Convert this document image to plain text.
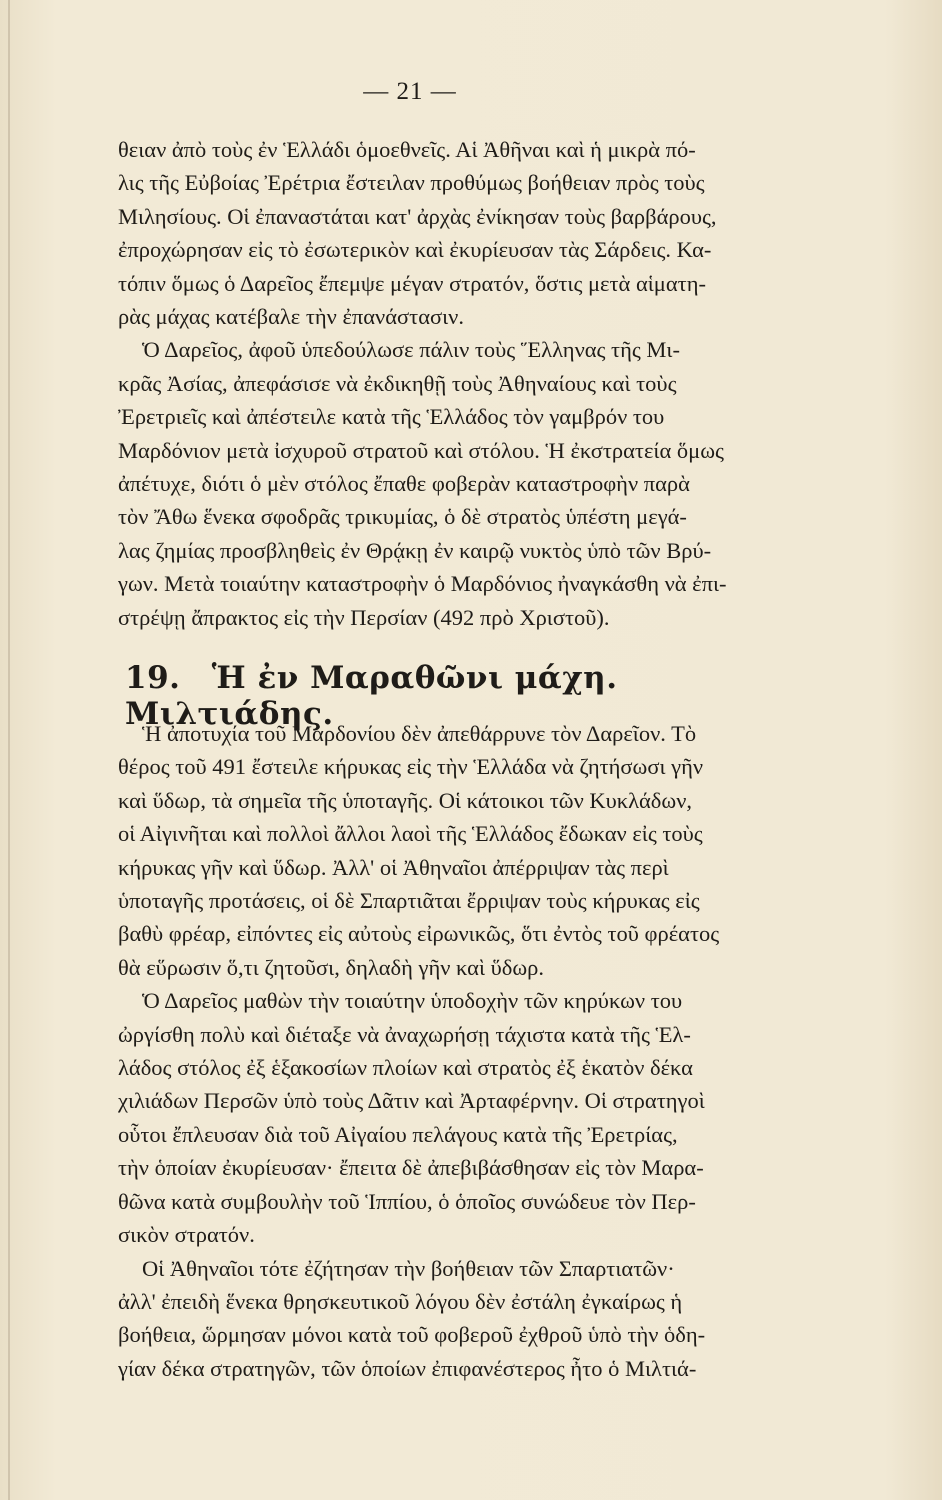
— 21 —
θειαν ἀπὸ τοὺς ἐν Ἑλλάδι ὁμοεθνεῖς. Αἱ Ἀθῆναι καὶ ἡ μικρὰ πό-
λις τῆς Εὐβοίας Ἐρέτρια ἔστειλαν προθύμως βοήθειαν πρὸς τοὺς
Μιλησίους. Οἱ ἐπαναστάται κατ' ἀρχὰς ἐνίκησαν τοὺς βαρβάρους,
ἐπροχώρησαν εἰς τὸ ἐσωτερικὸν καὶ ἐκυρίευσαν τὰς Σάρδεις. Κα-
τόπιν ὅμως ὁ Δαρεῖος ἔπεμψε μέγαν στρατόν, ὅστις μετὰ αἱματη-
ρὰς μάχας κατέβαλε τὴν ἐπανάστασιν.
Ὁ Δαρεῖος, ἀφοῦ ὑπεδούλωσε πάλιν τοὺς Ἕλληνας τῆς Μι-
κρᾶς Ἀσίας, ἀπεφάσισε νὰ ἐκδικηθῇ τοὺς Ἀθηναίους καὶ τοὺς
Ἐρετριεῖς καὶ ἀπέστειλε κατὰ τῆς Ἑλλάδος τὸν γαμβρόν του
Μαρδόνιον μετὰ ἰσχυροῦ στρατοῦ καὶ στόλου. Ἡ ἐκστρατεία ὅμως
ἀπέτυχε, διότι ὁ μὲν στόλος ἔπαθε φοβερὰν καταστροφὴν παρὰ
τὸν Ἄθω ἕνεκα σφοδρᾶς τρικυμίας, ὁ δὲ στρατὸς ὑπέστη μεγά-
λας ζημίας προσβληθεὶς ἐν Θρᾴκῃ ἐν καιρῷ νυκτὸς ὑπὸ τῶν Βρύ-
γων. Μετὰ τοιαύτην καταστροφὴν ὁ Μαρδόνιος ἠναγκάσθη νὰ ἐπι-
στρέψῃ ἄπρακτος εἰς τὴν Περσίαν (492 πρὸ Χριστοῦ).
19. Ἡ ἐν Μαραθῶνι μάχη. Μιλτιάδης.
Ἡ ἀποτυχία τοῦ Μαρδονίου δὲν ἀπεθάρρυνε τὸν Δαρεῖον. Τὸ
θέρος τοῦ 491 ἔστειλε κήρυκας εἰς τὴν Ἑλλάδα νὰ ζητήσωσι γῆν
καὶ ὕδωρ, τὰ σημεῖα τῆς ὑποταγῆς. Οἱ κάτοικοι τῶν Κυκλάδων,
οἱ Αἰγινῆται καὶ πολλοὶ ἄλλοι λαοὶ τῆς Ἑλλάδος ἔδωκαν εἰς τοὺς
κήρυκας γῆν καὶ ὕδωρ. Ἀλλ' οἱ Ἀθηναῖοι ἀπέρριψαν τὰς περὶ
ὑποταγῆς προτάσεις, οἱ δὲ Σπαρτιᾶται ἔρριψαν τοὺς κήρυκας εἰς
βαθὺ φρέαρ, εἰπόντες εἰς αὐτοὺς εἰρωνικῶς, ὅτι ἐντὸς τοῦ φρέατος
θὰ εὕρωσιν ὅ,τι ζητοῦσι, δηλαδὴ γῆν καὶ ὕδωρ.
Ὁ Δαρεῖος μαθὼν τὴν τοιαύτην ὑποδοχὴν τῶν κηρύκων του
ὠργίσθη πολὺ καὶ διέταξε νὰ ἀναχωρήσῃ τάχιστα κατὰ τῆς Ἑλ-
λάδος στόλος ἐξ ἑξακοσίων πλοίων καὶ στρατὸς ἐξ ἑκατὸν δέκα
χιλιάδων Περσῶν ὑπὸ τοὺς Δᾶτιν καὶ Ἀρταφέρνην. Οἱ στρατηγοὶ
οὗτοι ἔπλευσαν διὰ τοῦ Αἰγαίου πελάγους κατὰ τῆς Ἐρετρίας,
τὴν ὁποίαν ἐκυρίευσαν· ἔπειτα δὲ ἀπεβιβάσθησαν εἰς τὸν Μαρα-
θῶνα κατὰ συμβουλὴν τοῦ Ἱππίου, ὁ ὁποῖος συνώδευε τὸν Περ-
σικὸν στρατόν.
Οἱ Ἀθηναῖοι τότε ἐζήτησαν τὴν βοήθειαν τῶν Σπαρτιατῶν·
ἀλλ' ἐπειδὴ ἕνεκα θρησκευτικοῦ λόγου δὲν ἐστάλη ἐγκαίρως ἡ
βοήθεια, ὥρμησαν μόνοι κατὰ τοῦ φοβεροῦ ἐχθροῦ ὑπὸ τὴν ὁδη-
γίαν δέκα στρατηγῶν, τῶν ὁποίων ἐπιφανέστερος ἦτο ὁ Μιλτιά-
